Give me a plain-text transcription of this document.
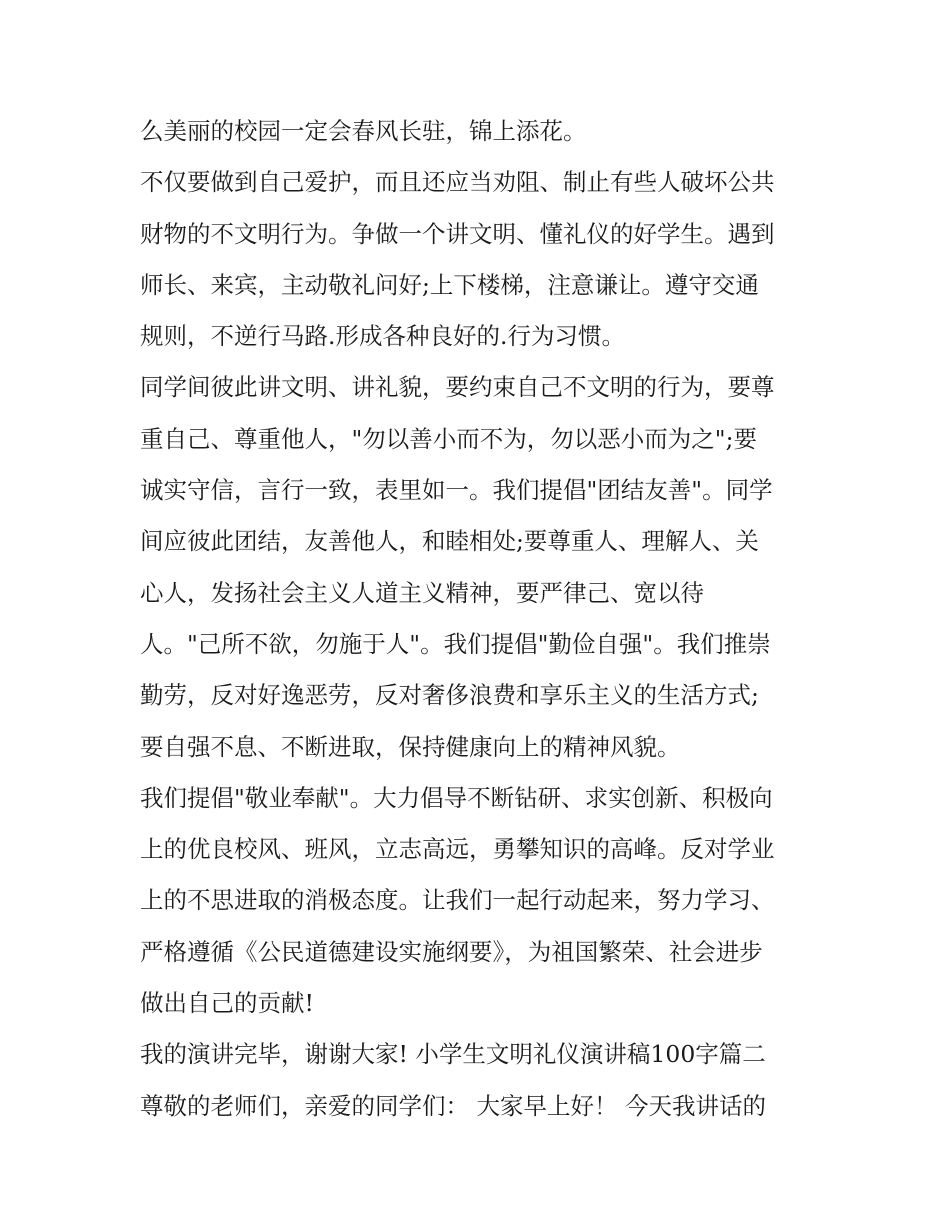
么美丽的校园一定会春风长驻，锦上添花。
不仅要做到自己爱护，而且还应当劝阻、制止有些人破坏公共
财物的不文明行为。争做一个讲文明、懂礼仪的好学生。遇到
师长、来宾，主动敬礼问好;上下楼梯，注意谦让。遵守交通
规则，不逆行马路.形成各种良好的.行为习惯。
同学间彼此讲文明、讲礼貌，要约束自己不文明的行为，要尊
重自己、尊重他人，"勿以善小而不为，勿以恶小而为之";要
诚实守信，言行一致，表里如一。我们提倡"团结友善"。同学
间应彼此团结，友善他人，和睦相处;要尊重人、理解人、关
心人，发扬社会主义人道主义精神，要严律己、宽以待
人。"己所不欲，勿施于人"。我们提倡"勤俭自强"。我们推崇
勤劳，反对好逸恶劳，反对奢侈浪费和享乐主义的生活方式;
要自强不息、不断进取，保持健康向上的精神风貌。
我们提倡"敬业奉献"。大力倡导不断钻研、求实创新、积极向
上的优良校风、班风，立志高远，勇攀知识的高峰。反对学业
上的不思进取的消极态度。让我们一起行动起来，努力学习、
严格遵循《公民道德建设实施纲要》，为祖国繁荣、社会进步
做出自己的贡献!
我的演讲完毕，谢谢大家! 小学生文明礼仪演讲稿100字篇二
尊敬的老师们，亲爱的同学们： 大家早上好！ 今天我讲话的
